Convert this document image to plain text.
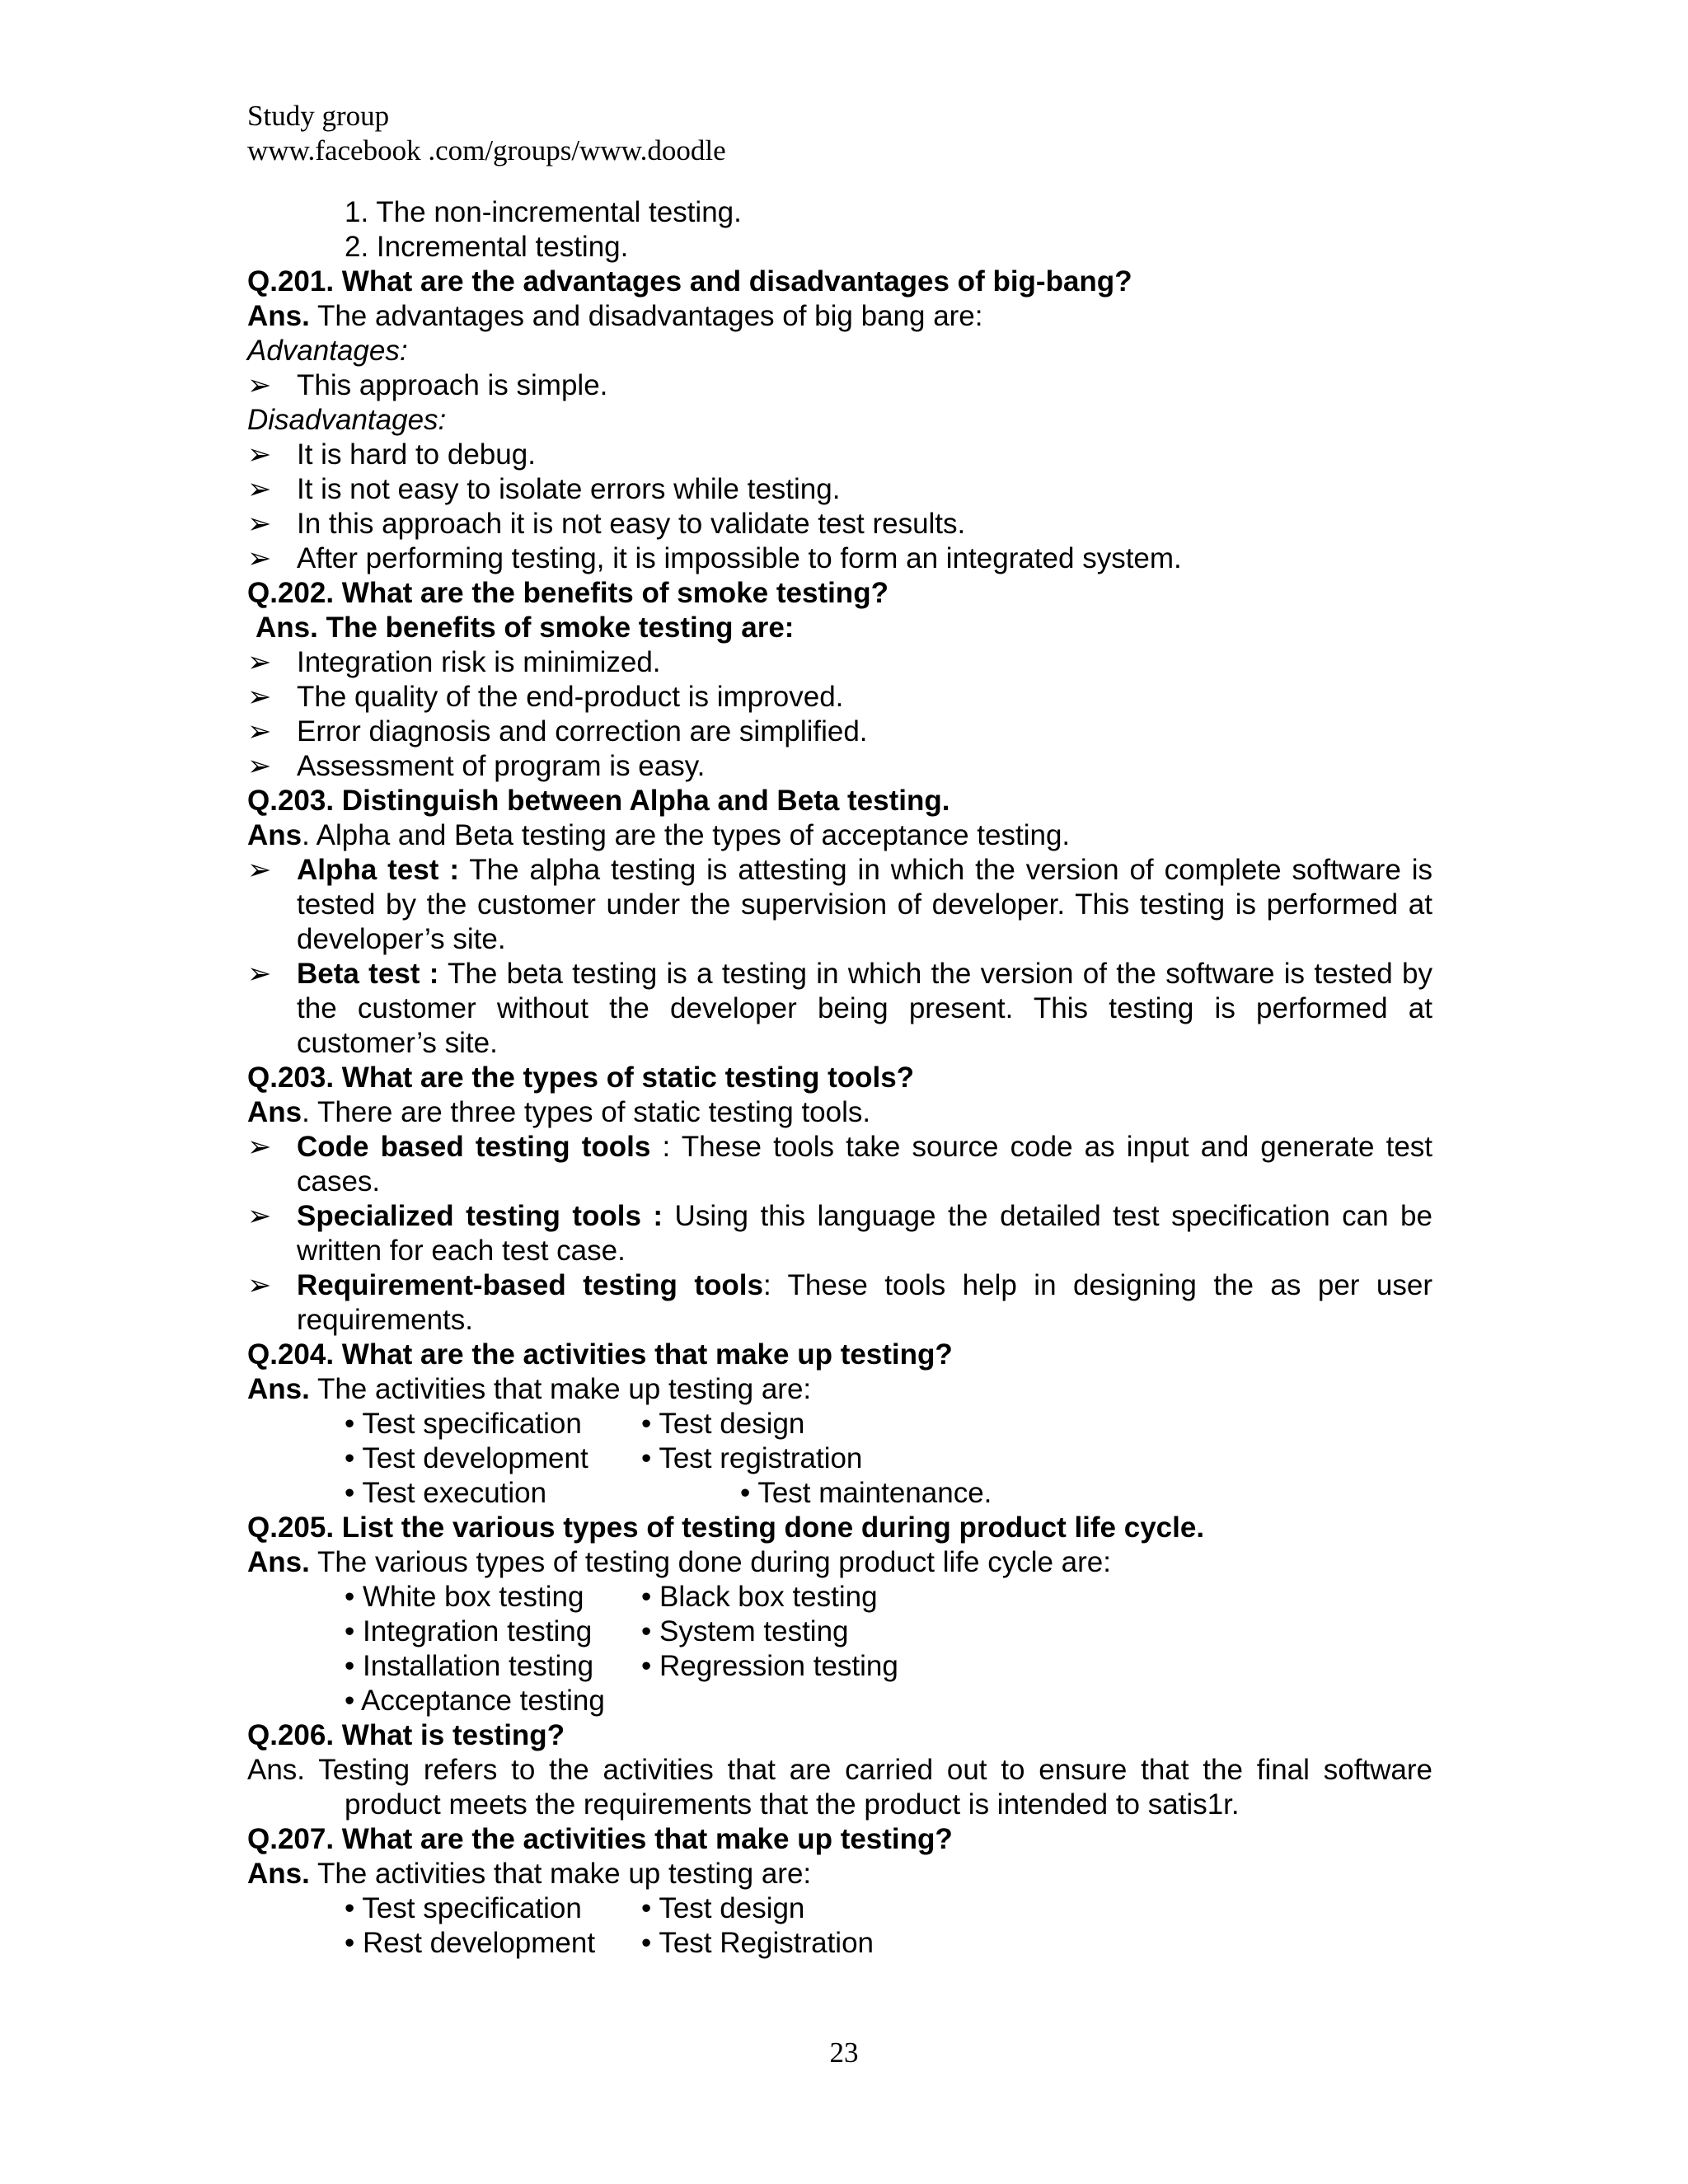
Study group
www.facebook .com/groups/www.doodle
1. The non-incremental testing.
2. Incremental testing.
Q.201. What are the advantages and disadvantages of big-bang?
Ans. The advantages and disadvantages of big bang are:
Advantages:
➢ This approach is simple.
Disadvantages:
➢ It is hard to debug.
➢ It is not easy to isolate errors while testing.
➢ In this approach it is not easy to validate test results.
➢ After performing testing, it is impossible to form an integrated system.
Q.202. What are the benefits of smoke testing?
Ans. The benefits of smoke testing are:
➢ Integration risk is minimized.
➢ The quality of the end-product is improved.
➢ Error diagnosis and correction are simplified.
➢ Assessment of program is easy.
Q.203. Distinguish between Alpha and Beta testing.
Ans. Alpha and Beta testing are the types of acceptance testing.
➢ Alpha test : The alpha testing is attesting in which the version of complete software is tested by the customer under the supervision of developer. This testing is performed at developer’s site.
➢ Beta test : The beta testing is a testing in which the version of the software is tested by the customer without the developer being present. This testing is performed at customer’s site.
Q.203. What are the types of static testing tools?
Ans. There are three types of static testing tools.
➢ Code based testing tools : These tools take source code as input and generate test cases.
➢ Specialized testing tools : Using this language the detailed test specification can be written for each test case.
➢ Requirement-based testing tools: These tools help in designing the as per user requirements.
Q.204. What are the activities that make up testing?
Ans. The activities that make up testing are:
• Test specification	• Test design
• Test development	• Test registration
• Test execution	• Test maintenance.
Q.205. List the various types of testing done during product life cycle.
Ans. The various types of testing done during product life cycle are:
• White box testing	• Black box testing
• Integration testing	• System testing
• Installation testing	• Regression testing
• Acceptance testing
Q.206. What is testing?
Ans. Testing refers to the activities that are carried out to ensure that the final software product meets the requirements that the product is intended to satis1r.
Q.207. What are the activities that make up testing?
Ans. The activities that make up testing are:
• Test specification	• Test design
• Rest development	• Test Registration
23
